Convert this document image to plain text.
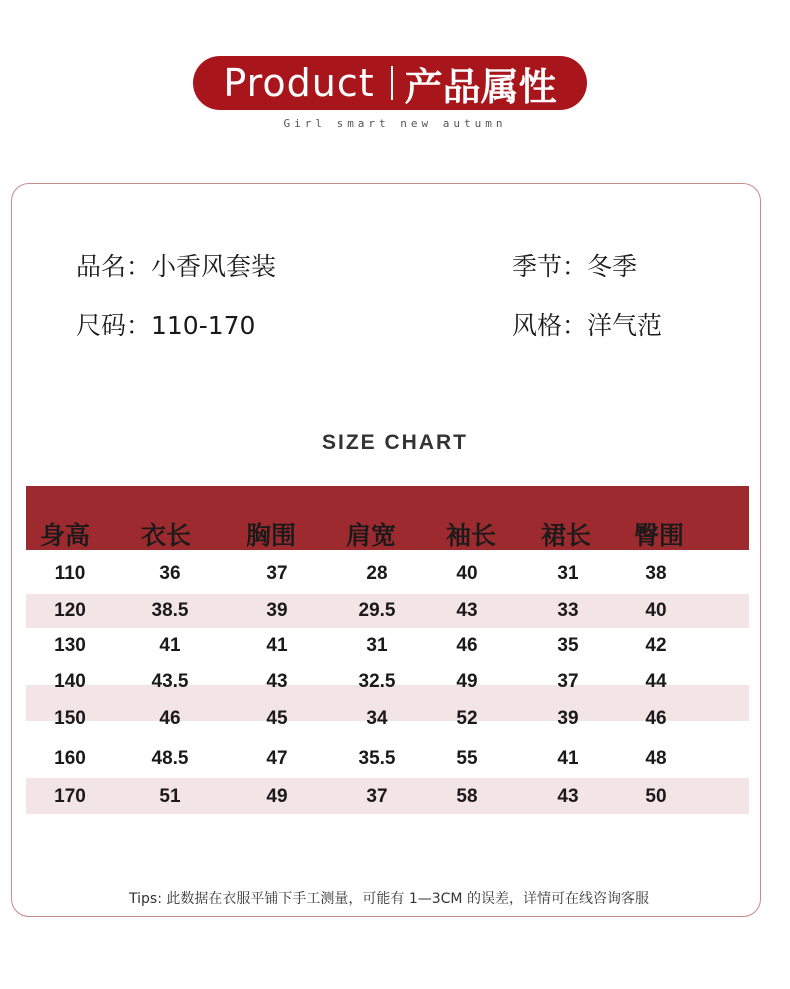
Product 产品属性
Girl smart new autumn
品名：小香风套装	季节：冬季
尺码：110-170	风格：洋气范
SIZE CHART
身高 衣长 胸围 肩宽 袖长 裙长 臀围
110	36	37	28	40	31	38
120	38.5	39	29.5	43	33	40
130	41	41	31	46	35	42
140	43.5	43	32.5	49	37	44
150	46	45	34	52	39	46
160	48.5	47	35.5	55	41	48
170	51	49	37	58	43	50
Tips: 此数据在衣服平铺下手工测量，可能有 1—3CM 的误差，详情可在线咨询客服
